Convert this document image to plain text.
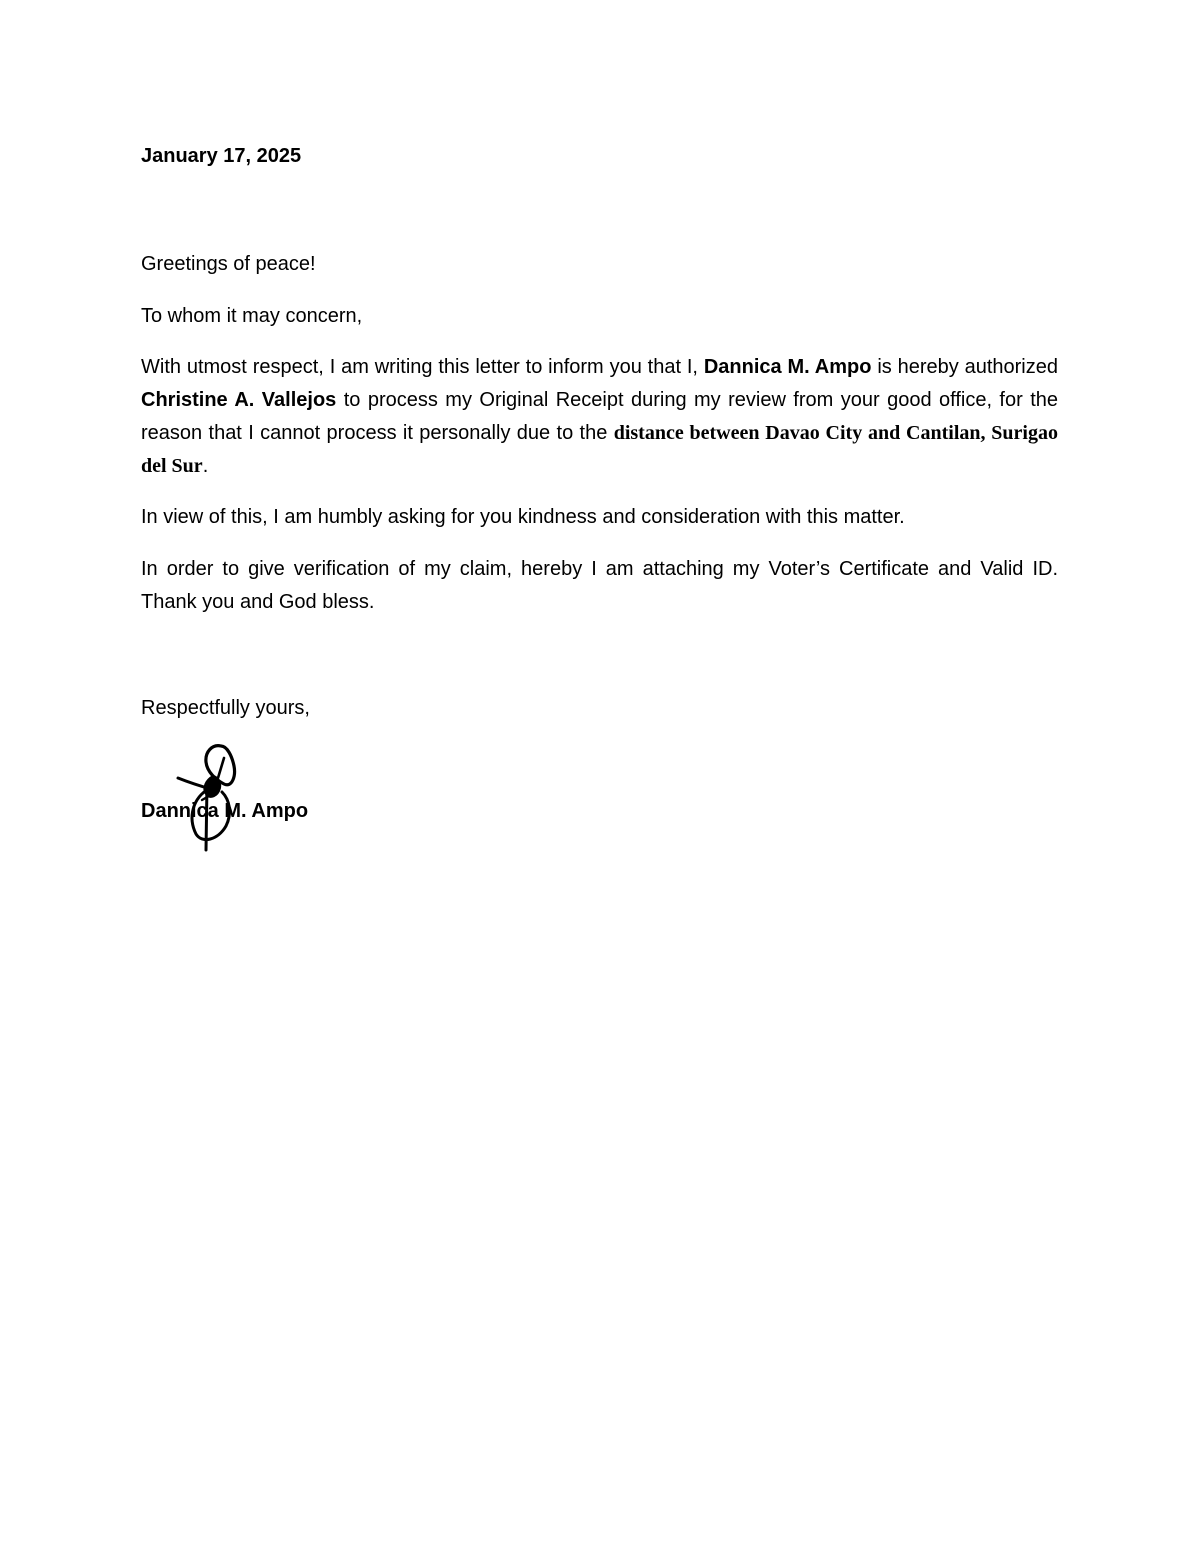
January 17, 2025

Greetings of peace!

To whom it may concern,

With utmost respect, I am writing this letter to inform you that I, Dannica M. Ampo is hereby authorized Christine A. Vallejos to process my Original Receipt during my review from your good office, for the reason that I cannot process it personally due to the distance between Davao City and Cantilan, Surigao del Sur.

In view of this, I am humbly asking for you kindness and consideration with this matter.

In order to give verification of my claim, hereby I am attaching my Voter’s Certificate and Valid ID. Thank you and God bless.

Respectfully yours,

Dannica M. Ampo
